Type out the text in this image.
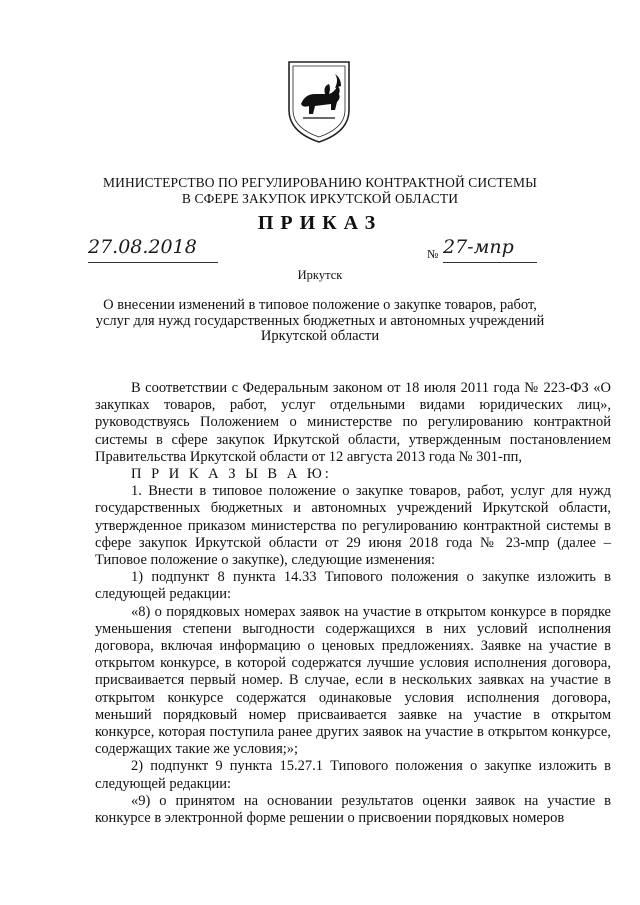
МИНИСТЕРСТВО ПО РЕГУЛИРОВАНИЮ КОНТРАКТНОЙ СИСТЕМЫ
В СФЕРЕ ЗАКУПОК ИРКУТСКОЙ ОБЛАСТИ
ПРИКАЗ
27.08.2018	№ 27-мпр
Иркутск
О внесении изменений в типовое положение о закупке товаров, работ,
услуг для нужд государственных бюджетных и автономных учреждений
Иркутской области

В соответствии с Федеральным законом от 18 июля 2011 года № 223-ФЗ «О закупках товаров, работ, услуг отдельными видами юридических лиц», руководствуясь Положением о министерстве по регулированию контрактной системы в сфере закупок Иркутской области, утвержденным постановлением Правительства Иркутской области от 12 августа 2013 года № 301-пп,

П Р И К А З Ы В А Ю:

1. Внести в типовое положение о закупке товаров, работ, услуг для нужд государственных бюджетных и автономных учреждений Иркутской области, утвержденное приказом министерства по регулированию контрактной системы в сфере закупок Иркутской области от 29 июня 2018 года № 23-мпр (далее – Типовое положение о закупке), следующие изменения:

1) подпункт 8 пункта 14.33 Типового положения о закупке изложить в следующей редакции:

«8) о порядковых номерах заявок на участие в открытом конкурсе в порядке уменьшения степени выгодности содержащихся в них условий исполнения договора, включая информацию о ценовых предложениях. Заявке на участие в открытом конкурсе, в которой содержатся лучшие условия исполнения договора, присваивается первый номер. В случае, если в нескольких заявках на участие в открытом конкурсе содержатся одинаковые условия исполнения договора, меньший порядковый номер присваивается заявке на участие в открытом конкурсе, которая поступила ранее других заявок на участие в открытом конкурсе, содержащих такие же условия;»;

2) подпункт 9 пункта 15.27.1 Типового положения о закупке изложить в следующей редакции:

«9) о принятом на основании результатов оценки заявок на участие в конкурсе в электронной форме решении о присвоении порядковых номеров
